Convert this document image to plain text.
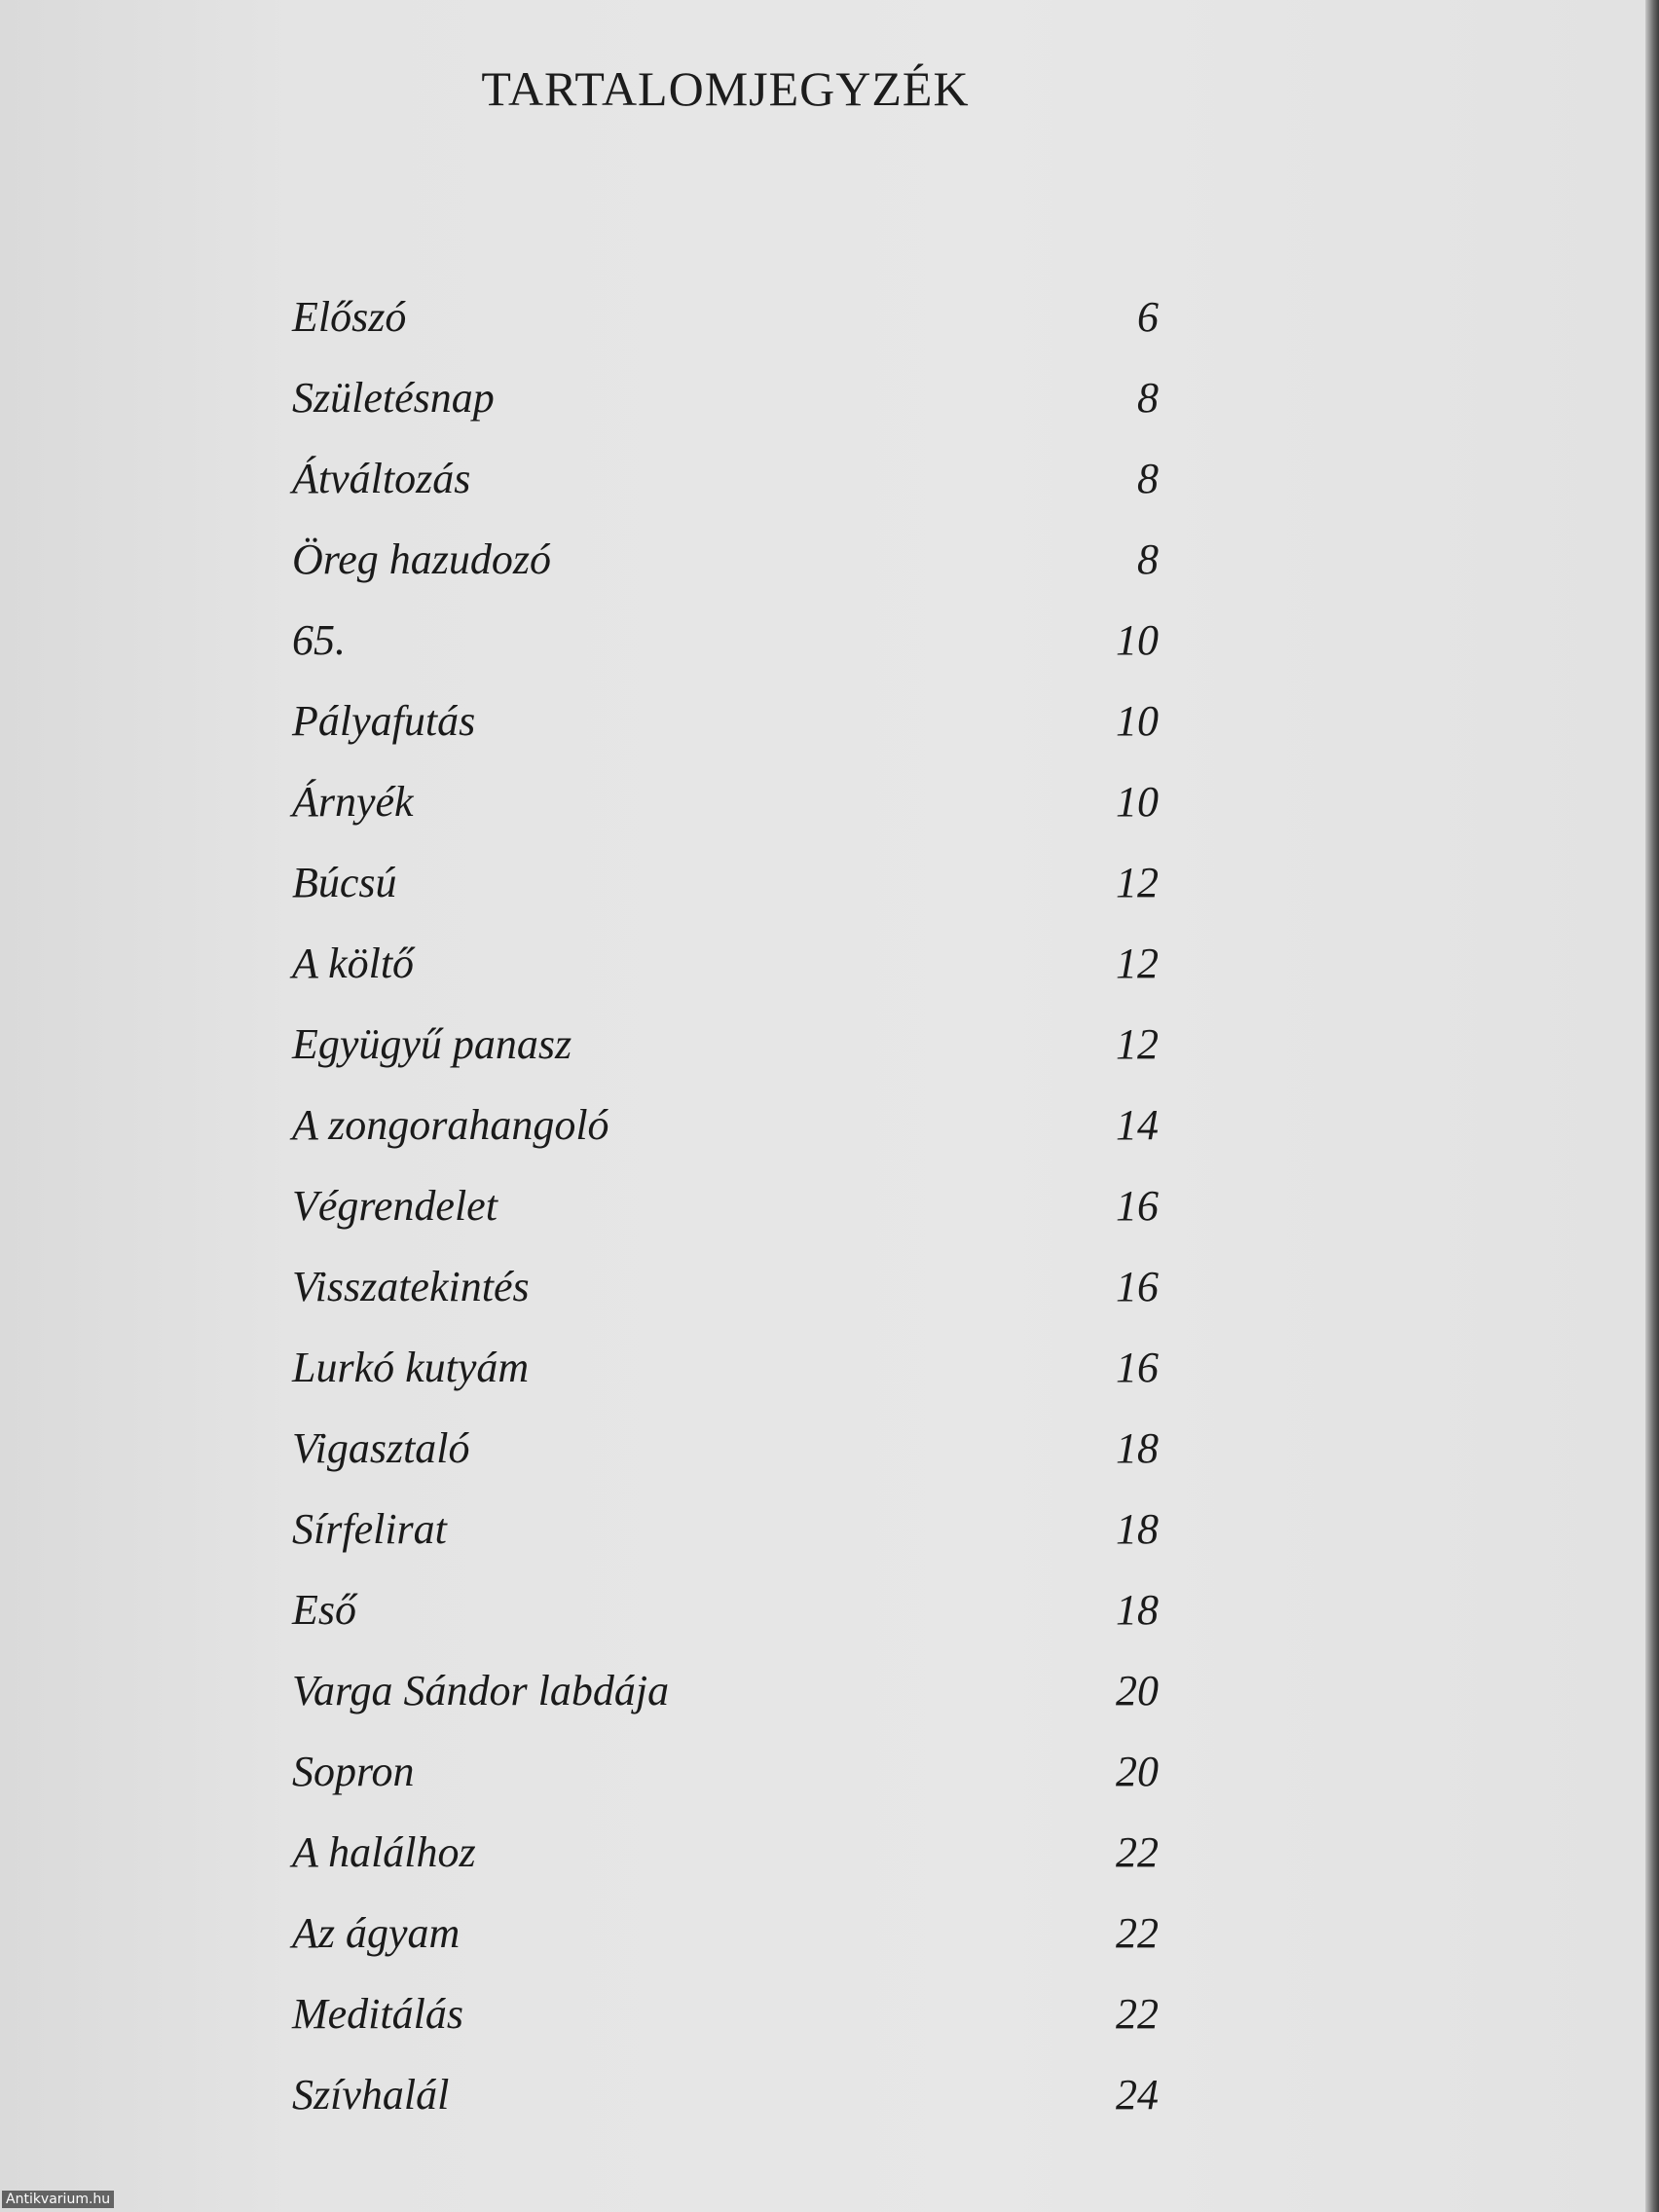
TARTALOMJEGYZÉK
Előszó	6
Születésnap	8
Átváltozás	8
Öreg hazudozó	8
65.	10
Pályafutás	10
Árnyék	10
Búcsú	12
A költő	12
Együgyű panasz	12
A zongorahangoló	14
Végrendelet	16
Visszatekintés	16
Lurkó kutyám	16
Vigasztaló	18
Sírfelirat	18
Eső	18
Varga Sándor labdája	20
Sopron	20
A halálhoz	22
Az ágyam	22
Meditálás	22
Szívhalál	24
Antikvarium.hu
